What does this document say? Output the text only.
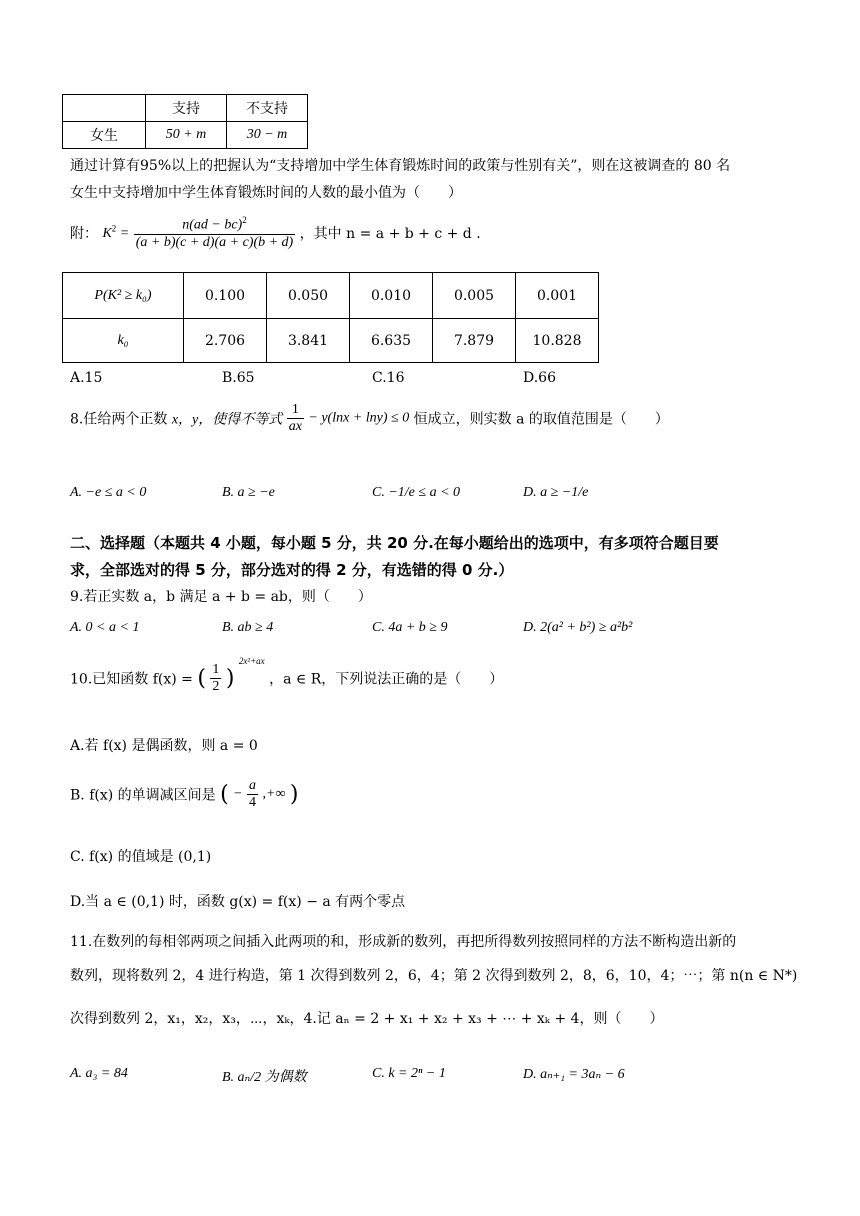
	支持	不支持
女生	50 + m	30 − m
通过计算有95%以上的把握认为“支持增加中学生体育锻炼时间的政策与性别有关”，则在这被调查的 80 名
女生中支持增加中学生体育锻炼时间的人数的最小值为（　　）
附： $K^2 = \frac{n(ad - bc)^2}{(a + b)(c + d)(a + c)(b + d)}$ ，其中 n = a + b + c + d .
P(K² ≥ k₀)	0.100	0.050	0.010	0.005	0.001
k₀	2.706	3.841	6.635	7.879	10.828
A.15	B.65	C.16	D.66
8.任给两个正数 x，y，使得不等式 $\frac{1}{ax} - y(\ln x + \ln y) \le 0$ 恒成立，则实数 a 的取值范围是（　　）
A. −e ≤ a < 0	B. a ≥ −e	C. −1/e ≤ a < 0	D. a ≥ −1/e
二、选择题（本题共 4 小题，每小题 5 分，共 20 分.在每小题给出的选项中，有多项符合题目要
求，全部选对的得 5 分，部分选对的得 2 分，有选错的得 0 分.）
9.若正实数 a，b 满足 a + b = ab，则（　　）
A. 0 < a < 1	B. ab ≥ 4	C. 4a + b ≥ 9	D. 2(a² + b²) ≥ a²b²
10.已知函数 f(x) = ( $\frac{1}{2}$ ) $^{2x^2+ax}$ ，a ∈ R，下列说法正确的是（　　）
A.若 f(x) 是偶函数，则 a = 0
B. f(x) 的单调减区间是 ( − $\frac{a}{4}$ ,+∞ )
C. f(x) 的值域是 (0,1)
D.当 a ∈ (0,1) 时，函数 g(x) = f(x) − a 有两个零点
11.在数列的每相邻两项之间插入此两项的和，形成新的数列，再把所得数列按照同样的方法不断构造出新的
数列，现将数列 2，4 进行构造，第 1 次得到数列 2，6，4；第 2 次得到数列 2，8，6，10，4；⋯；第 n(n ∈ N*)
次得到数列 2，x₁，x₂，x₃，⋯，xₖ，4.记 aₙ = 2 + x₁ + x₂ + x₃ + ⋯ + xₖ + 4，则（　　）
A. a₃ = 84	B. aₙ/2 为偶数	C. k = 2ⁿ − 1	D. aₙ₊₁ = 3aₙ − 6
